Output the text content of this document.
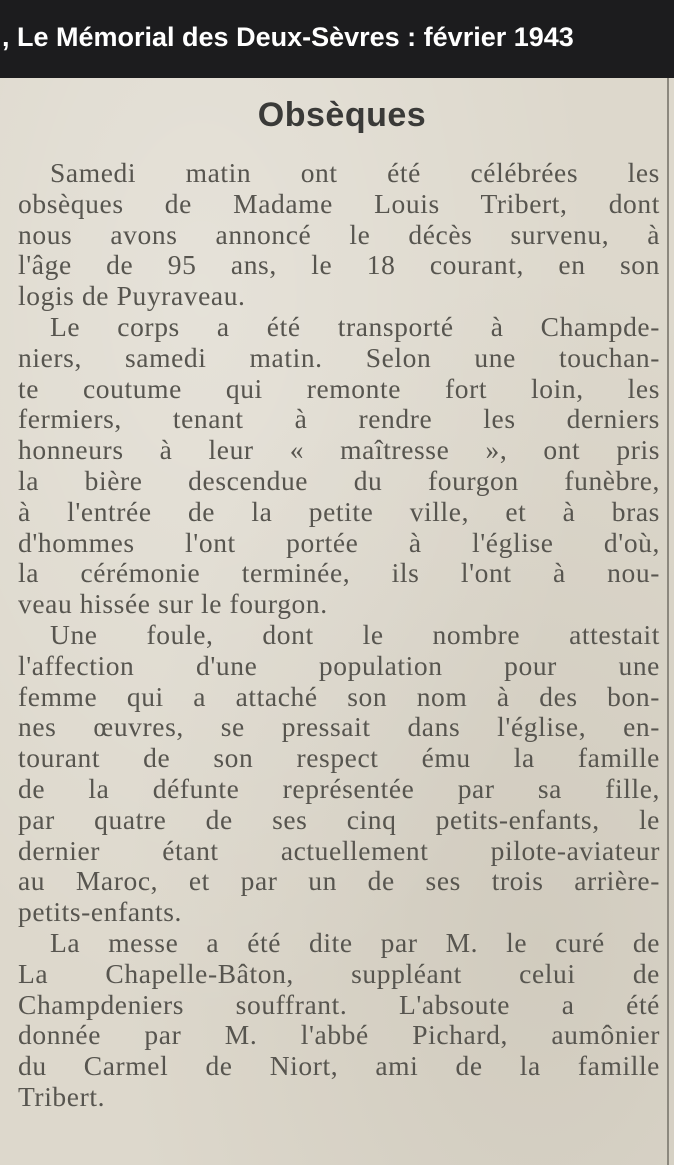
, Le Mémorial des Deux-Sèvres : février 1943
Obsèques
Samedi matin ont été célébrées les
obsèques de Madame Louis Tribert, dont
nous avons annoncé le décès survenu, à
l'âge de 95 ans, le 18 courant, en son
logis de Puyraveau.
Le corps a été transporté à Champde-
niers, samedi matin. Selon une touchan-
te coutume qui remonte fort loin, les
fermiers, tenant à rendre les derniers
honneurs à leur « maîtresse », ont pris
la bière descendue du fourgon funèbre,
à l'entrée de la petite ville, et à bras
d'hommes l'ont portée à l'église d'où,
la cérémonie terminée, ils l'ont à nou-
veau hissée sur le fourgon.
Une foule, dont le nombre attestait
l'affection d'une population pour une
femme qui a attaché son nom à des bon-
nes œuvres, se pressait dans l'église, en-
tourant de son respect ému la famille
de la défunte représentée par sa fille,
par quatre de ses cinq petits-enfants, le
dernier étant actuellement pilote-aviateur
au Maroc, et par un de ses trois arrière-
petits-enfants.
La messe a été dite par M. le curé de
La Chapelle-Bâton, suppléant celui de
Champdeniers souffrant. L'absoute a été
donnée par M. l'abbé Pichard, aumônier
du Carmel de Niort, ami de la famille
Tribert.
